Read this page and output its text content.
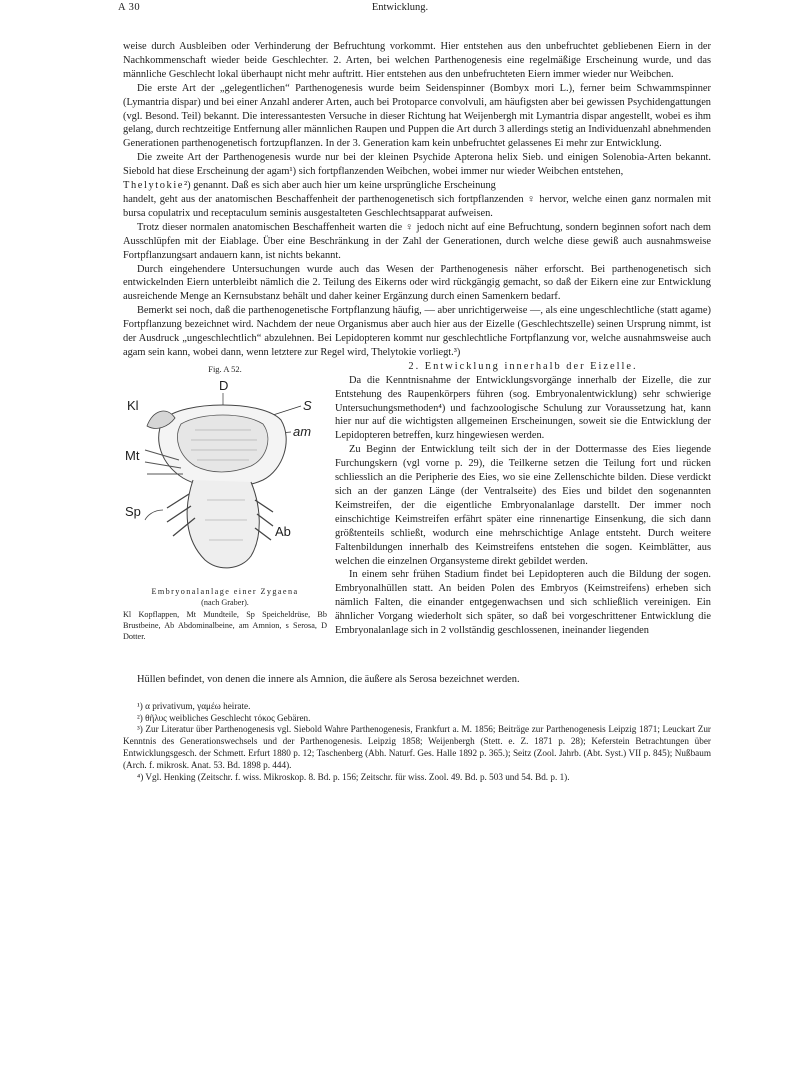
A 30	Entwicklung.

weise durch Ausbleiben oder Verhinderung der Befruchtung vorkommt. Hier entstehen aus den unbefruchtet gebliebenen Eiern in der Nachkommenschaft wieder beide Geschlechter. 2. Arten, bei welchen Parthenogenesis eine regelmäßige Erscheinung wurde, und das männliche Geschlecht lokal überhaupt nicht mehr auftritt. Hier entstehen aus den unbefruchteten Eiern immer wieder nur Weibchen.

Die erste Art der „gelegentlichen“ Parthenogenesis wurde beim Seidenspinner (Bombyx mori L.), ferner beim Schwammspinner (Lymantria dispar) und bei einer Anzahl anderer Arten, auch bei Protoparce convolvuli, am häufigsten aber bei gewissen Psychidengattungen (vgl. Besond. Teil) bekannt. Die interessantesten Versuche in dieser Richtung hat Weijenbergh mit Lymantria dispar angestellt, wobei es ihm gelang, durch rechtzeitige Entfernung aller männlichen Raupen und Puppen die Art durch 3 allerdings stetig an Individuenzahl abnehmenden Generationen parthenogenetisch fortzupflanzen. In der 3. Generation kam kein unbefruchtet gelassenes Ei mehr zur Entwicklung.

Die zweite Art der Parthenogenesis wurde nur bei der kleinen Psychide Apterona helix Sieb. und einigen Solenobia-Arten bekannt. Siebold hat diese Erscheinung der agam¹) sich fortpflanzenden Weibchen, wobei immer nur wieder Weibchen entstehen,

Thelytokie²) genannt. Daß es sich aber auch hier um keine ursprüngliche Erscheinung

handelt, geht aus der anatomischen Beschaffenheit der parthenogenetisch sich fortpflanzenden ♀ hervor, welche einen ganz normalen mit bursa copulatrix und receptaculum seminis ausgestalteten Geschlechtsapparat aufweisen.

Trotz dieser normalen anatomischen Beschaffenheit warten die ♀ jedoch nicht auf eine Befruchtung, sondern beginnen sofort nach dem Ausschlüpfen mit der Eiablage. Über eine Beschränkung in der Zahl der Generationen, durch welche diese gewiß auch ausnahmsweise Fortpflanzungsart andauern kann, ist nichts bekannt.

Durch eingehendere Untersuchungen wurde auch das Wesen der Parthenogenesis näher erforscht. Bei parthenogenetisch sich entwickelnden Eiern unterbleibt nämlich die 2. Teilung des Eikerns oder wird rückgängig gemacht, so daß der Eikern eine zur Entwicklung ausreichende Menge an Kernsubstanz behält und daher keiner Ergänzung durch einen Samenkern bedarf.

Bemerkt sei noch, daß die parthenogenetische Fortpflanzung häufig, — aber unrichtigerweise —, als eine ungeschlechtliche (statt agame) Fortpflanzung bezeichnet wird. Nachdem der neue Organismus aber auch hier aus der Eizelle (Geschlechtszelle) seinen Ursprung nimmt, ist der Ausdruck „ungeschlechtlich“ abzulehnen. Bei Lepidopteren kommt nur geschlechtliche Fortpflanzung vor, welche ausnahmsweise auch agam sein kann, wobei dann, wenn letztere zur Regel wird, Thelytokie vorliegt.³)

Fig. A 52.
D
Kl	S
am
Mt
Sp
Ab
Embryonalanlage einer Zygaena
(nach Graber).
Kl Kopflappen, Mt Mundteile, Sp Speicheldrüse, Bb Brustbeine, Ab Abdominalbeine, am Amnion, s Serosa, D Dotter.

2. Entwicklung innerhalb der Eizelle.

Da die Kenntnisnahme der Entwicklungsvorgänge innerhalb der Eizelle, die zur Entstehung des Raupenkörpers führen (sog. Embryonalentwicklung) sehr schwierige Untersuchungsmethoden⁴) und fachzoologische Schulung zur Voraussetzung hat, kann hier nur auf die wichtigsten allgemeinen Erscheinungen, soweit sie die Entwicklung der Lepidopteren betreffen, kurz hingewiesen werden.

Zu Beginn der Entwicklung teilt sich der in der Dottermasse des Eies liegende Furchungskern (vgl vorne p. 29), die Teilkerne setzen die Teilung fort und rücken schliesslich an die Peripherie des Eies, wo sie eine Zellenschichte bilden. Diese verdickt sich an der ganzen Länge (der Ventralseite) des Eies und bildet den sogenannten Keimstreifen, der die eigentliche Embryonalanlage darstellt. Der immer noch einschichtige Keimstreifen erfährt später eine rinnenartige Einsenkung, die sich dann größtenteils schließt, wodurch eine mehrschichtige Anlage entsteht. Durch weitere Faltenbildungen innerhalb des Keimstreifens entstehen die sogen. Keimblätter, aus welchen die einzelnen Organsysteme direkt gebildet werden.

In einem sehr frühen Stadium findet bei Lepidopteren auch die Bildung der sogen. Embryonalhüllen statt. An beiden Polen des Embryos (Keimstreifens) erheben sich nämlich Falten, die einander entgegenwachsen und sich schließlich vereinigen. Ein ähnlicher Vorgang wiederholt sich später, so daß bei vorgeschrittener Entwicklung die Embryonalanlage sich in 2 vollständig geschlossenen, ineinander liegenden

Hüllen befindet, von denen die innere als Amnion, die äußere als Serosa bezeichnet werden.

¹) α privativum, γαμέω heirate.

²) θῆλυς weibliches Geschlecht τόκος Gebären.

³) Zur Literatur über Parthenogenesis vgl. Siebold Wahre Parthenogenesis, Frankfurt a. M. 1856; Beiträge zur Parthenogenesis Leipzig 1871; Leuckart Zur Kenntnis des Generationswechsels und der Parthenogenesis. Leipzig 1858; Weijenbergh (Stett. e. Z. 1871 p. 28); Keferstein Betrachtungen über Entwicklungsgesch. der Schmett. Erfurt 1880 p. 12; Taschenberg (Abh. Naturf. Ges. Halle 1892 p. 365.); Seitz (Zool. Jahrb. (Abt. Syst.) VII p. 845); Nußbaum (Arch. f. mikrosk. Anat. 53. Bd. 1898 p. 444).

⁴) Vgl. Henking (Zeitschr. f. wiss. Mikroskop. 8. Bd. p. 156; Zeitschr. für wiss. Zool. 49. Bd. p. 503 und 54. Bd. p. 1).
